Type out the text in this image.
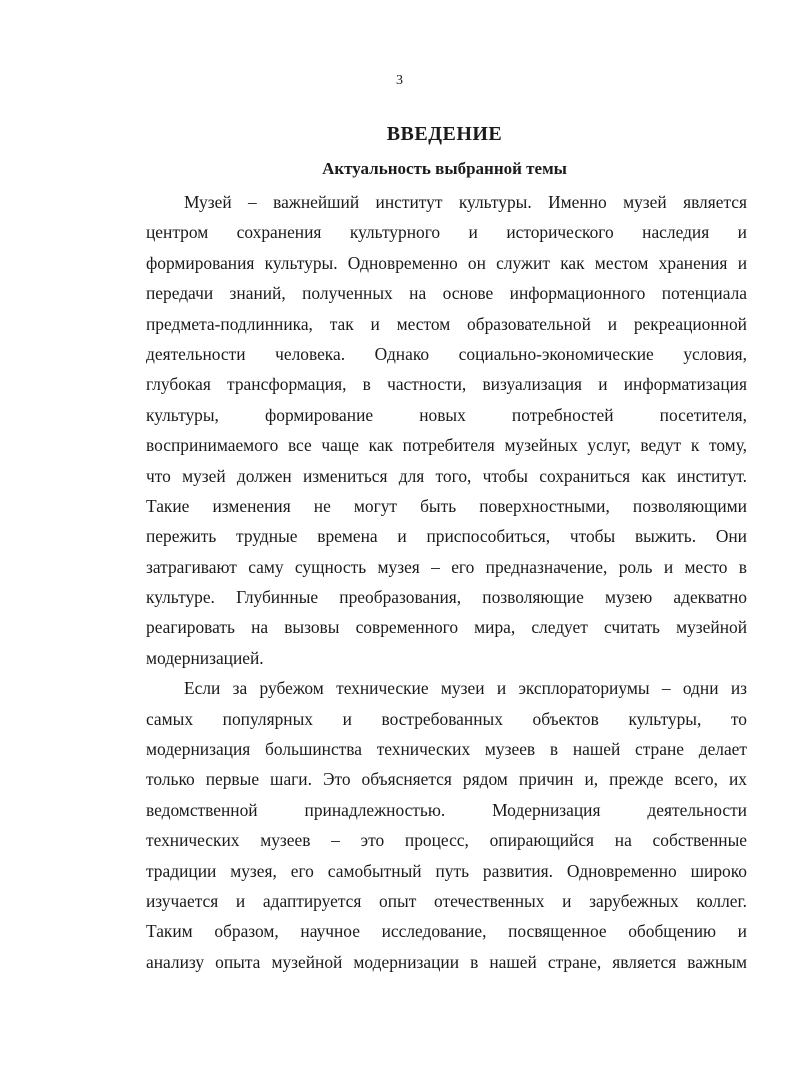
3
ВВЕДЕНИЕ
Актуальность выбранной темы
Музей – важнейший институт культуры. Именно музей является
центром сохранения культурного и исторического наследия и
формирования культуры. Одновременно он служит как местом хранения и
передачи знаний, полученных на основе информационного потенциала
предмета-подлинника, так и местом образовательной и рекреационной
деятельности человека. Однако социально-экономические условия,
глубокая трансформация, в частности, визуализация и информатизация
культуры, формирование новых потребностей посетителя,
воспринимаемого все чаще как потребителя музейных услуг, ведут к тому,
что музей должен измениться для того, чтобы сохраниться как институт.
Такие изменения не могут быть поверхностными, позволяющими
пережить трудные времена и приспособиться, чтобы выжить. Они
затрагивают саму сущность музея – его предназначение, роль и место в
культуре. Глубинные преобразования, позволяющие музею адекватно
реагировать на вызовы современного мира, следует считать музейной
модернизацией.
Если за рубежом технические музеи и эксплораториумы – одни из
самых популярных и востребованных объектов культуры, то
модернизация большинства технических музеев в нашей стране делает
только первые шаги. Это объясняется рядом причин и, прежде всего, их
ведомственной принадлежностью. Модернизация деятельности
технических музеев – это процесс, опирающийся на собственные
традиции музея, его самобытный путь развития. Одновременно широко
изучается и адаптируется опыт отечественных и зарубежных коллег.
Таким образом, научное исследование, посвященное обобщению и
анализу опыта музейной модернизации в нашей стране, является важным
